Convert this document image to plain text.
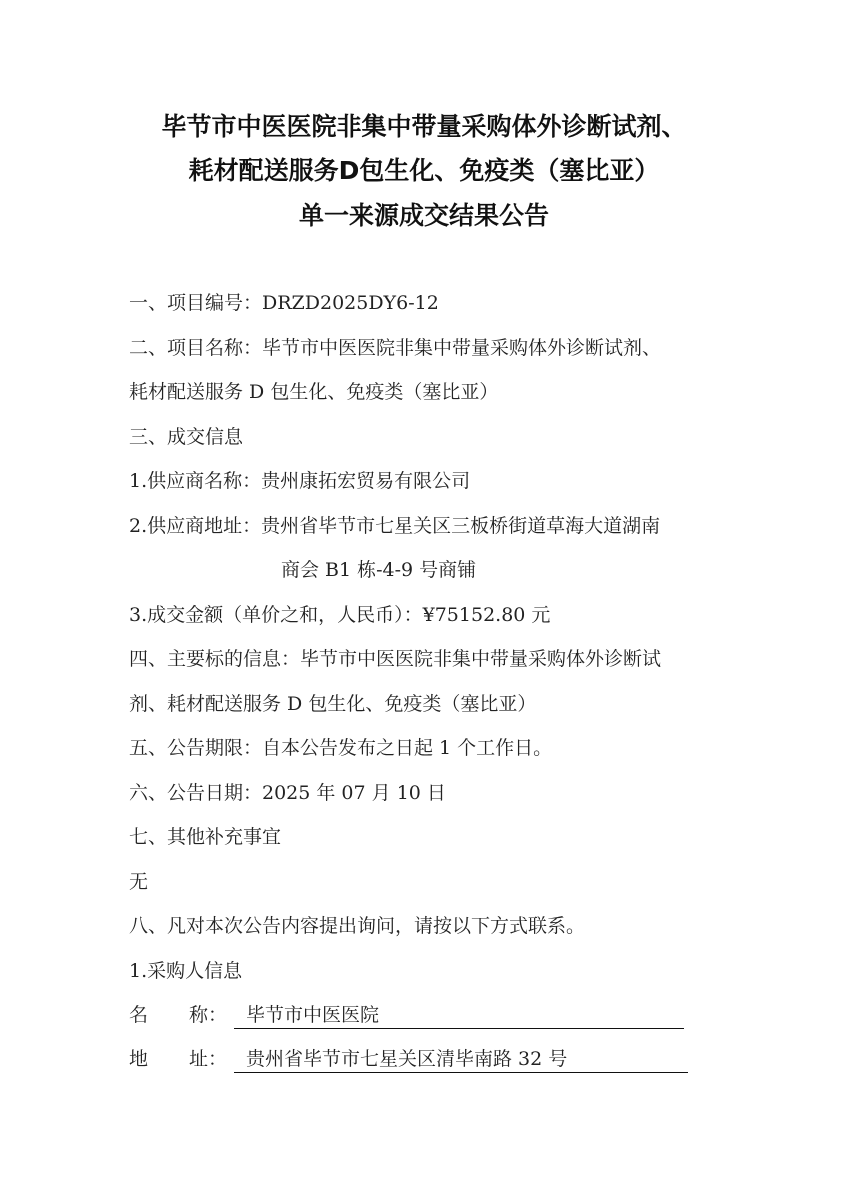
毕节市中医医院非集中带量采购体外诊断试剂、
耗材配送服务D包生化、免疫类（塞比亚）
单一来源成交结果公告
一、项目编号：DRZD2025DY6-12
二、项目名称：毕节市中医医院非集中带量采购体外诊断试剂、
耗材配送服务 D 包生化、免疫类（塞比亚）
三、成交信息
1.供应商名称：贵州康拓宏贸易有限公司
2.供应商地址：贵州省毕节市七星关区三板桥街道草海大道湖南
商会 B1 栋-4-9 号商铺
3.成交金额（单价之和，人民币）：¥75152.80 元
四、主要标的信息：毕节市中医医院非集中带量采购体外诊断试
剂、耗材配送服务 D 包生化、免疫类（塞比亚）
五、公告期限：自本公告发布之日起 1 个工作日。
六、公告日期：2025 年 07 月 10 日
七、其他补充事宜
无
八、凡对本次公告内容提出询问，请按以下方式联系。
1.采购人信息
名 称： 毕节市中医医院
地 址： 贵州省毕节市七星关区清毕南路 32 号
